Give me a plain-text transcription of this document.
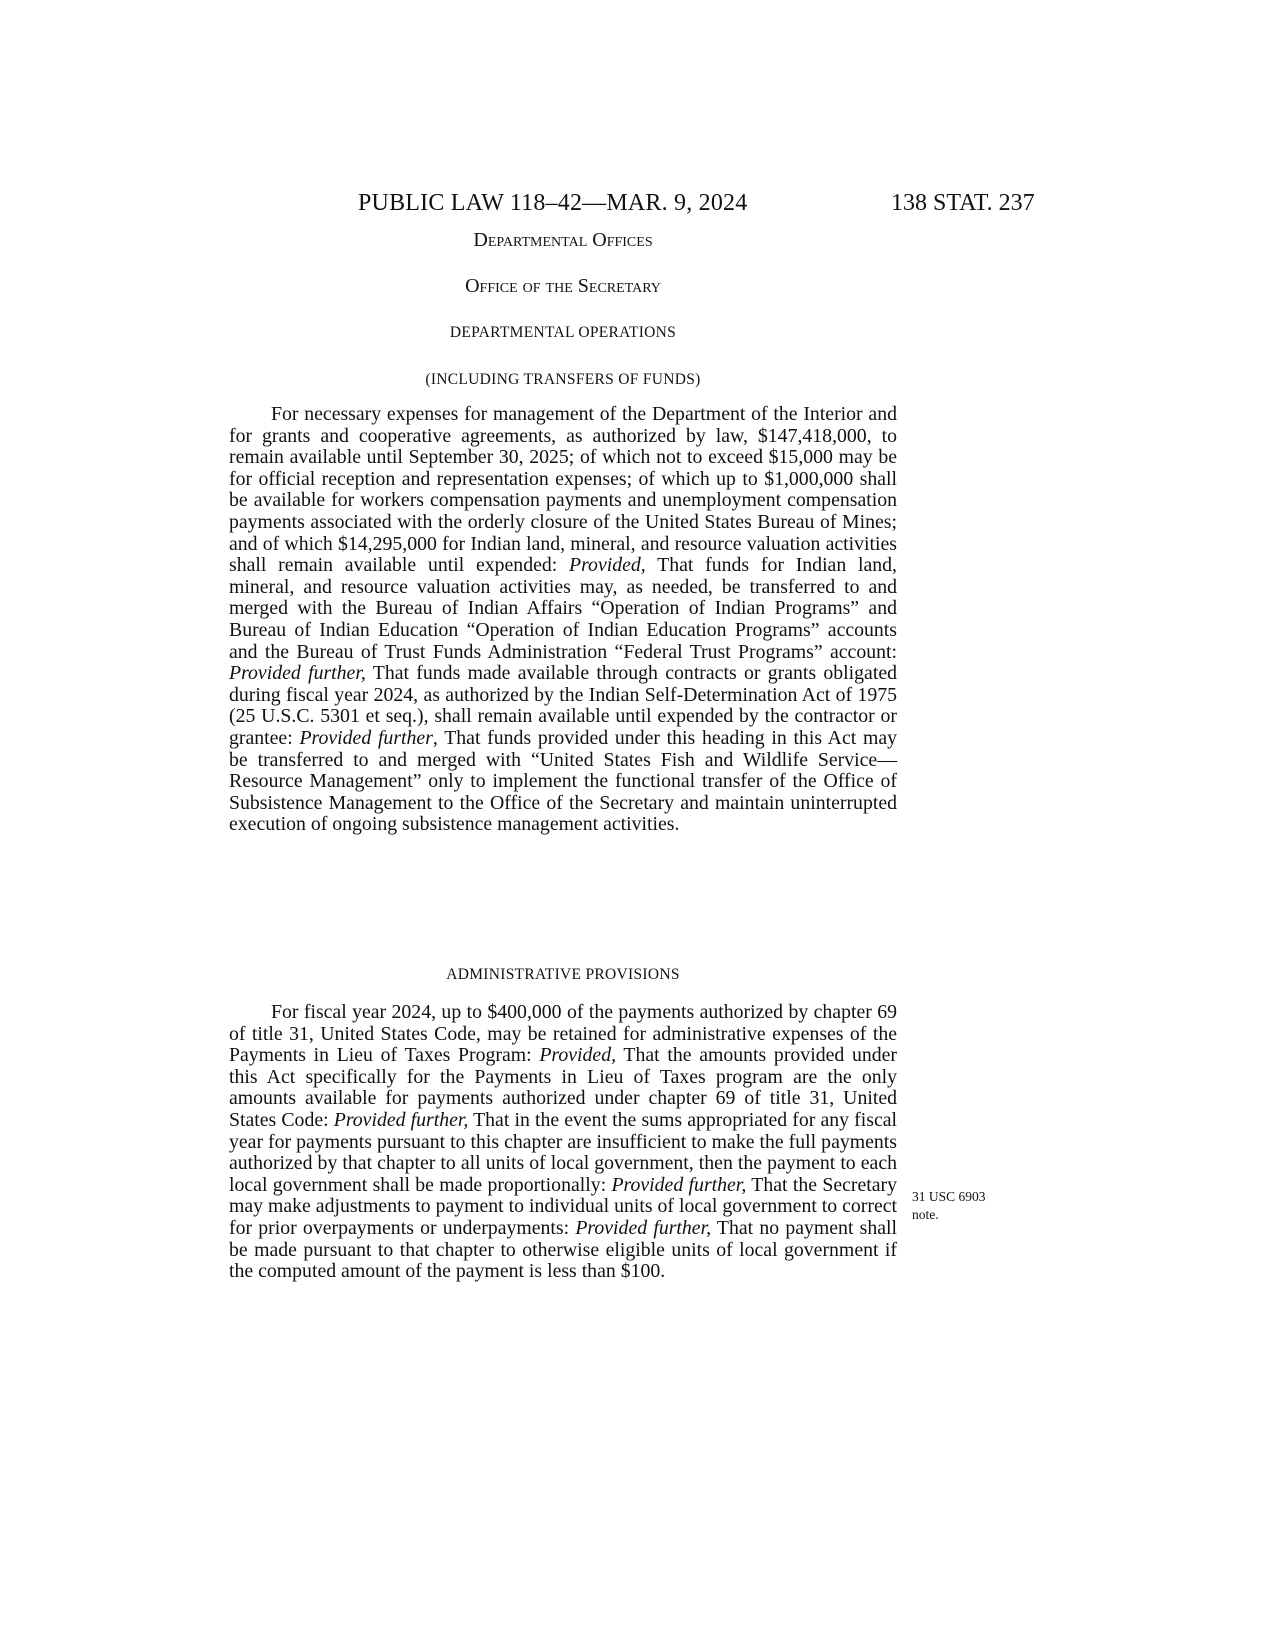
PUBLIC LAW 118–42—MAR. 9, 2024	138 STAT. 237
Departmental Offices
Office of the Secretary
DEPARTMENTAL OPERATIONS
(INCLUDING TRANSFERS OF FUNDS)

For necessary expenses for management of the Department of the Interior and for grants and cooperative agreements, as authorized by law, $147,418,000, to remain available until September 30, 2025; of which not to exceed $15,000 may be for official reception and representation expenses; of which up to $1,000,000 shall be available for workers compensation payments and unemployment compensation payments associated with the orderly closure of the United States Bureau of Mines; and of which $14,295,000 for Indian land, mineral, and resource valuation activities shall remain available until expended: Provided, That funds for Indian land, mineral, and resource valuation activities may, as needed, be transferred to and merged with the Bureau of Indian Affairs “Operation of Indian Programs” and Bureau of Indian Education “Operation of Indian Education Programs” accounts and the Bureau of Trust Funds Administration “Federal Trust Programs” account: Provided further, That funds made available through contracts or grants obligated during fiscal year 2024, as authorized by the Indian Self-Determination Act of 1975 (25 U.S.C. 5301 et seq.), shall remain available until expended by the contractor or grantee: Provided further, That funds provided under this heading in this Act may be transferred to and merged with “United States Fish and Wildlife Service—Resource Management” only to implement the functional transfer of the Office of Subsistence Management to the Office of the Secretary and maintain uninterrupted execution of ongoing subsistence management activities.

ADMINISTRATIVE PROVISIONS

For fiscal year 2024, up to $400,000 of the payments authorized by chapter 69 of title 31, United States Code, may be retained for administrative expenses of the Payments in Lieu of Taxes Program: Provided, That the amounts provided under this Act specifically for the Payments in Lieu of Taxes program are the only amounts available for payments authorized under chapter 69 of title 31, United States Code: Provided further, That in the event the sums appropriated for any fiscal year for payments pursuant to this chapter are insufficient to make the full payments authorized by that chapter to all units of local government, then the payment to each local government shall be made proportionally: Provided further, That the Secretary may make adjustments to payment to individual units of local government to correct for prior overpayments or underpayments: Provided further, That no payment shall be made pursuant to that chapter to otherwise eligible units of local government if the computed amount of the payment is less than $100.

31 USC 6903
note.
